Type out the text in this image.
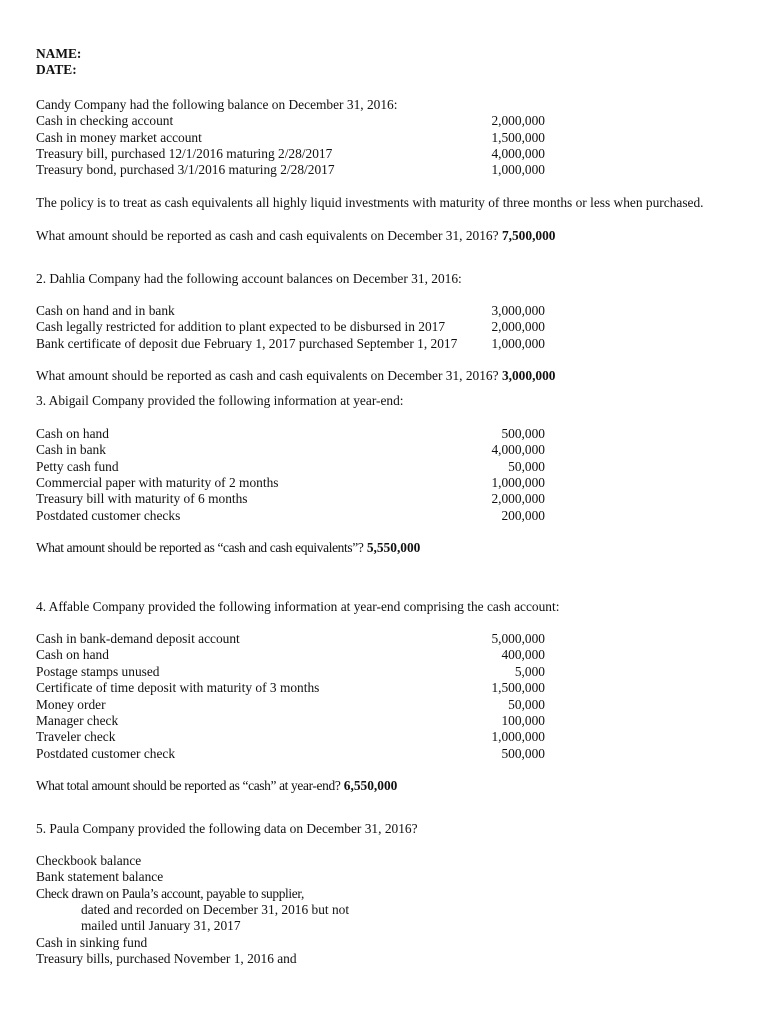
NAME:
DATE:
Candy Company had the following balance on December 31, 2016:
Cash in checking account	2,000,000
Cash in money market account	1,500,000
Treasury bill, purchased 12/1/2016 maturing 2/28/2017	4,000,000
Treasury bond, purchased 3/1/2016 maturing 2/28/2017	1,000,000
The policy is to treat as cash equivalents all highly liquid investments with maturity of three months or less when purchased.
What amount should be reported as cash and cash equivalents on December 31, 2016? 7,500,000
2. Dahlia Company had the following account balances on December 31, 2016:
Cash on hand and in bank	3,000,000
Cash legally restricted for addition to plant expected to be disbursed in 2017	2,000,000
Bank certificate of deposit due February 1, 2017 purchased September 1, 2017	1,000,000
What amount should be reported as cash and cash equivalents on December 31, 2016? 3,000,000
3. Abigail Company provided the following information at year-end:
Cash on hand	500,000
Cash in bank	4,000,000
Petty cash fund	50,000
Commercial paper with maturity of 2 months	1,000,000
Treasury bill with maturity of 6 months	2,000,000
Postdated customer checks	200,000
What amount should be reported as “cash and cash equivalents”? 5,550,000
4. Affable Company provided the following information at year-end comprising the cash account:
Cash in bank-demand deposit account	5,000,000
Cash on hand	400,000
Postage stamps unused	5,000
Certificate of time deposit with maturity of 3 months	1,500,000
Money order	50,000
Manager check	100,000
Traveler check	1,000,000
Postdated customer check	500,000
What total amount should be reported as “cash” at year-end? 6,550,000
5. Paula Company provided the following data on December 31, 2016?
Checkbook balance
Bank statement balance
Check drawn on Paula’s account, payable to supplier,
dated and recorded on December 31, 2016 but not
mailed until January 31, 2017
Cash in sinking fund
Treasury bills, purchased November 1, 2016 and
